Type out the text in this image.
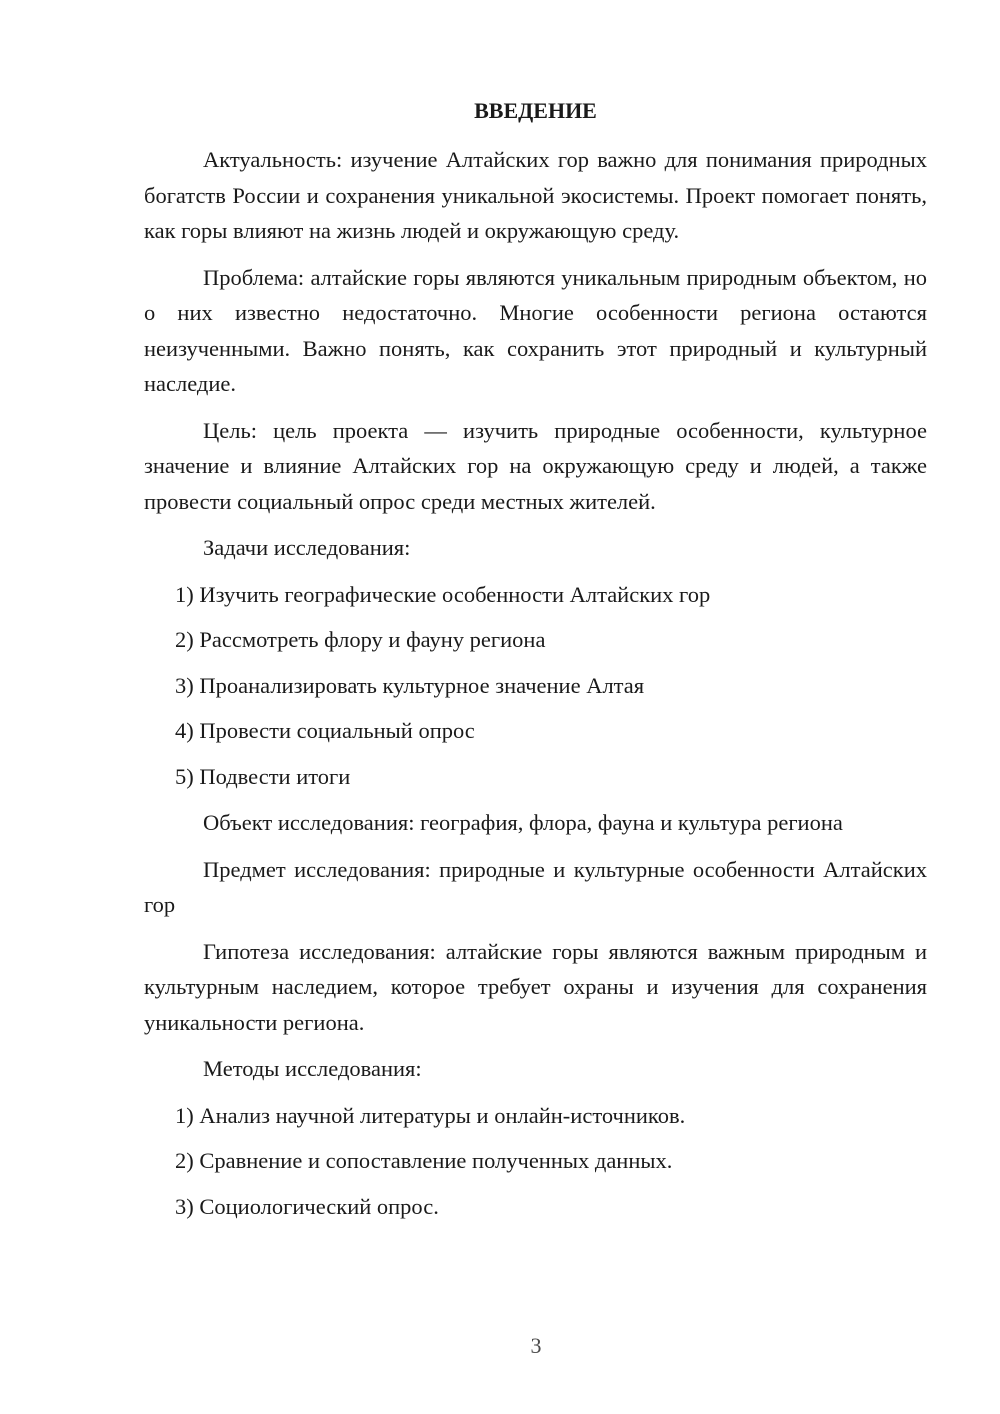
ВВЕДЕНИЕ

Актуальность: изучение Алтайских гор важно для понимания природных богатств России и сохранения уникальной экосистемы. Проект помогает понять, как горы влияют на жизнь людей и окружающую среду.

Проблема: алтайские горы являются уникальным природным объектом, но о них известно недостаточно. Многие особенности региона остаются неизученными. Важно понять, как сохранить этот природный и культурный наследие.

Цель: цель проекта — изучить природные особенности, культурное значение и влияние Алтайских гор на окружающую среду и людей, а также провести социальный опрос среди местных жителей.

Задачи исследования:

1) Изучить географические особенности Алтайских гор
2) Рассмотреть флору и фауну региона
3) Проанализировать культурное значение Алтая
4) Провести социальный опрос
5) Подвести итоги

Объект исследования: география, флора, фауна и культура региона

Предмет исследования: природные и культурные особенности Алтайских гор

Гипотеза исследования: алтайские горы являются важным природным и культурным наследием, которое требует охраны и изучения для сохранения уникальности региона.

Методы исследования:

1) Анализ научной литературы и онлайн-источников.
2) Сравнение и сопоставление полученных данных.
3) Социологический опрос.
3
